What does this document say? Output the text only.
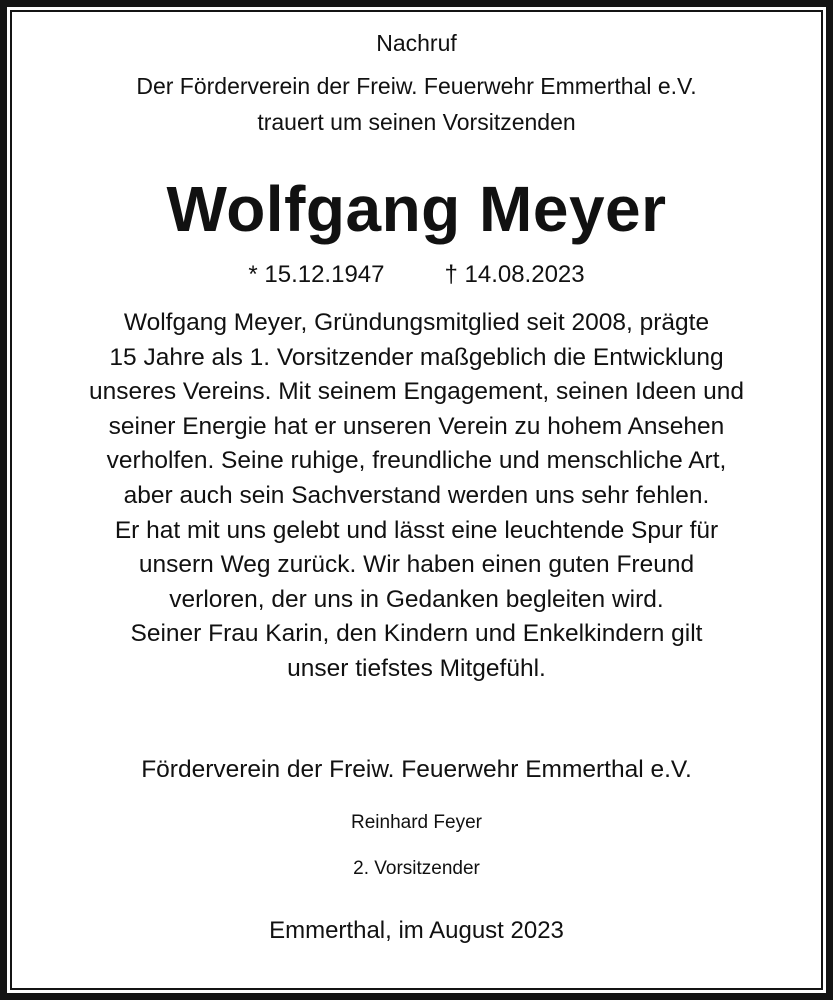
Nachruf
Der Förderverein der Freiw. Feuerwehr Emmerthal e.V.
trauert um seinen Vorsitzenden
Wolfgang Meyer
* 15.12.1947	† 14.08.2023
Wolfgang Meyer, Gründungsmitglied seit 2008, prägte
15 Jahre als 1. Vorsitzender maßgeblich die Entwicklung
unseres Vereins. Mit seinem Engagement, seinen Ideen und
seiner Energie hat er unseren Verein zu hohem Ansehen
verholfen. Seine ruhige, freundliche und menschliche Art,
aber auch sein Sachverstand werden uns sehr fehlen.
Er hat mit uns gelebt und lässt eine leuchtende Spur für
unsern Weg zurück. Wir haben einen guten Freund
verloren, der uns in Gedanken begleiten wird.
Seiner Frau Karin, den Kindern und Enkelkindern gilt
unser tiefstes Mitgefühl.
Förderverein der Freiw. Feuerwehr Emmerthal e.V.
Reinhard Feyer
2. Vorsitzender
Emmerthal, im August 2023
